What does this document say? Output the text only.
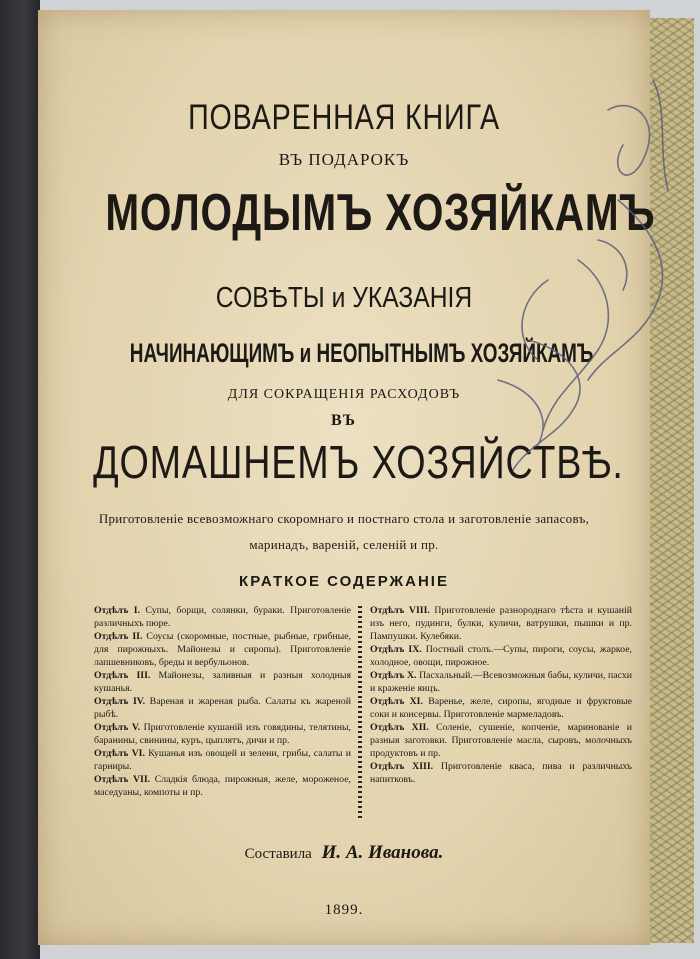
ПОВАРЕННАЯ КНИГА
ВЪ ПОДАРОКЪ
МОЛОДЫМЪ ХОЗЯЙКАМЪ
СОВѢТЫ и УКАЗАНІЯ
НАЧИНАЮЩИМЪ и НЕОПЫТНЫМЪ ХОЗЯЙКАМЪ
ДЛЯ СОКРАЩЕНІЯ РАСХОДОВЪ
ВЪ
ДОМАШНЕМЪ ХОЗЯЙСТВѢ.
Приготовленіе всевозможнаго скоромнаго и постнаго стола и заготовленіе запасовъ, маринадъ, вареній, селеній и пр.
КРАТКОЕ СОДЕРЖАНІЕ

Отдѣлъ I. Супы, борщи, солянки, бураки. Приготовленіе различныхъ пюре.

Отдѣлъ II. Соусы (скоромные, постные, рыбные, грибные, для пирожныхъ. Майонезы и сиропы). Приготовленіе лапшевниковъ, бреды и вербульонов.

Отдѣлъ III. Майонезы, заливныя и разныя холодныя кушанья.

Отдѣлъ IV. Вареная и жареная рыба. Салаты къ жареной рыбѣ.

Отдѣлъ V. Приготовленіе кушаній изъ говядины, телятины, баранины, свинины, куръ, цыплятъ, дичи и пр.

Отдѣлъ VI. Кушанья изъ овощей и зелени, грибы, салаты и гарниры.

Отдѣлъ VII. Сладкія блюда, пирожныя, желе, мороженое, маседуаны, компоты и пр.

Отдѣлъ VIII. Приготовленіе разнороднаго тѣста и кушаній изъ него, пудинги, булки, куличи, ватрушки, пышки и пр. Пампушки. Кулебяки.

Отдѣлъ IX. Постный столъ.—Супы, пироги, соусы, жаркое, холодное, овощи, пирожное.

Отдѣлъ X. Пасхальный.—Всевозможныя бабы, куличи, пасхи и краженіе яицъ.

Отдѣлъ XI. Варенье, желе, сиропы, ягодные и фруктовые соки и консервы. Приготовленіе мармеладовъ.

Отдѣлъ XII. Соленіе, сушеніе, копченіе, маринованіе и разныя заготовки. Приготовленіе масла, сыровъ, молочныхъ продуктовъ и пр.

Отдѣлъ XIII. Приготовленіе кваса, пива и различныхъ напитковъ.

Составила И. А. Иванова.
1899.
